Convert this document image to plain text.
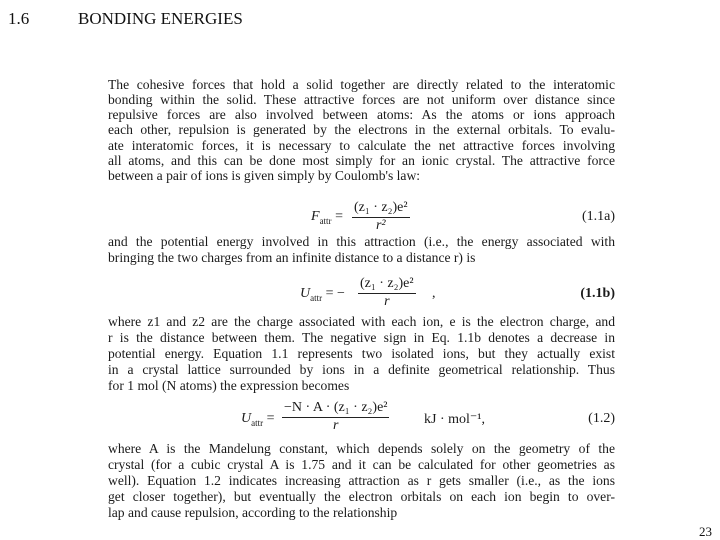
1.6	BONDING ENERGIES
The cohesive forces that hold a solid together are directly related to the interatomic
bonding within the solid. These attractive forces are not uniform over distance since
repulsive forces are also involved between atoms: As the atoms or ions approach
each other, repulsion is generated by the electrons in the external orbitals. To evalu-
ate interatomic forces, it is necessary to calculate the net attractive forces involving
all atoms, and this can be done most simply for an ionic crystal. The attractive force
between a pair of ions is given simply by Coulomb's law:
$F_{attr} = \frac{\text{(z₁ · z₂)e²}}{\text{r²}}$	(1.1a)
and the potential energy involved in this attraction (i.e., the energy associated with
bringing the two charges from an infinite distance to a distance r) is
$U_{attr}$ = − $\frac{\text{(z₁ · z₂)e²}}{r}$ ,	(1.1b)
where z1 and z2 are the charge associated with each ion, e is the electron charge, and
r is the distance between them. The negative sign in Eq. 1.1b denotes a decrease in
potential energy. Equation 1.1 represents two isolated ions, but they actually exist
in a crystal lattice surrounded by ions in a definite geometrical relationship. Thus
for 1 mol (N atoms) the expression becomes
$U_{attr} = \frac{\text{−N · A · (z₁ · z₂)e²}}{r}$ kJ · mol⁻¹,	(1.2)
where A is the Mandelung constant, which depends solely on the geometry of the
crystal (for a cubic crystal A is 1.75 and it can be calculated for other geometries as
well). Equation 1.2 indicates increasing attraction as r gets smaller (i.e., as the ions
get closer together), but eventually the electron orbitals on each ion begin to over-
lap and cause repulsion, according to the relationship
23
